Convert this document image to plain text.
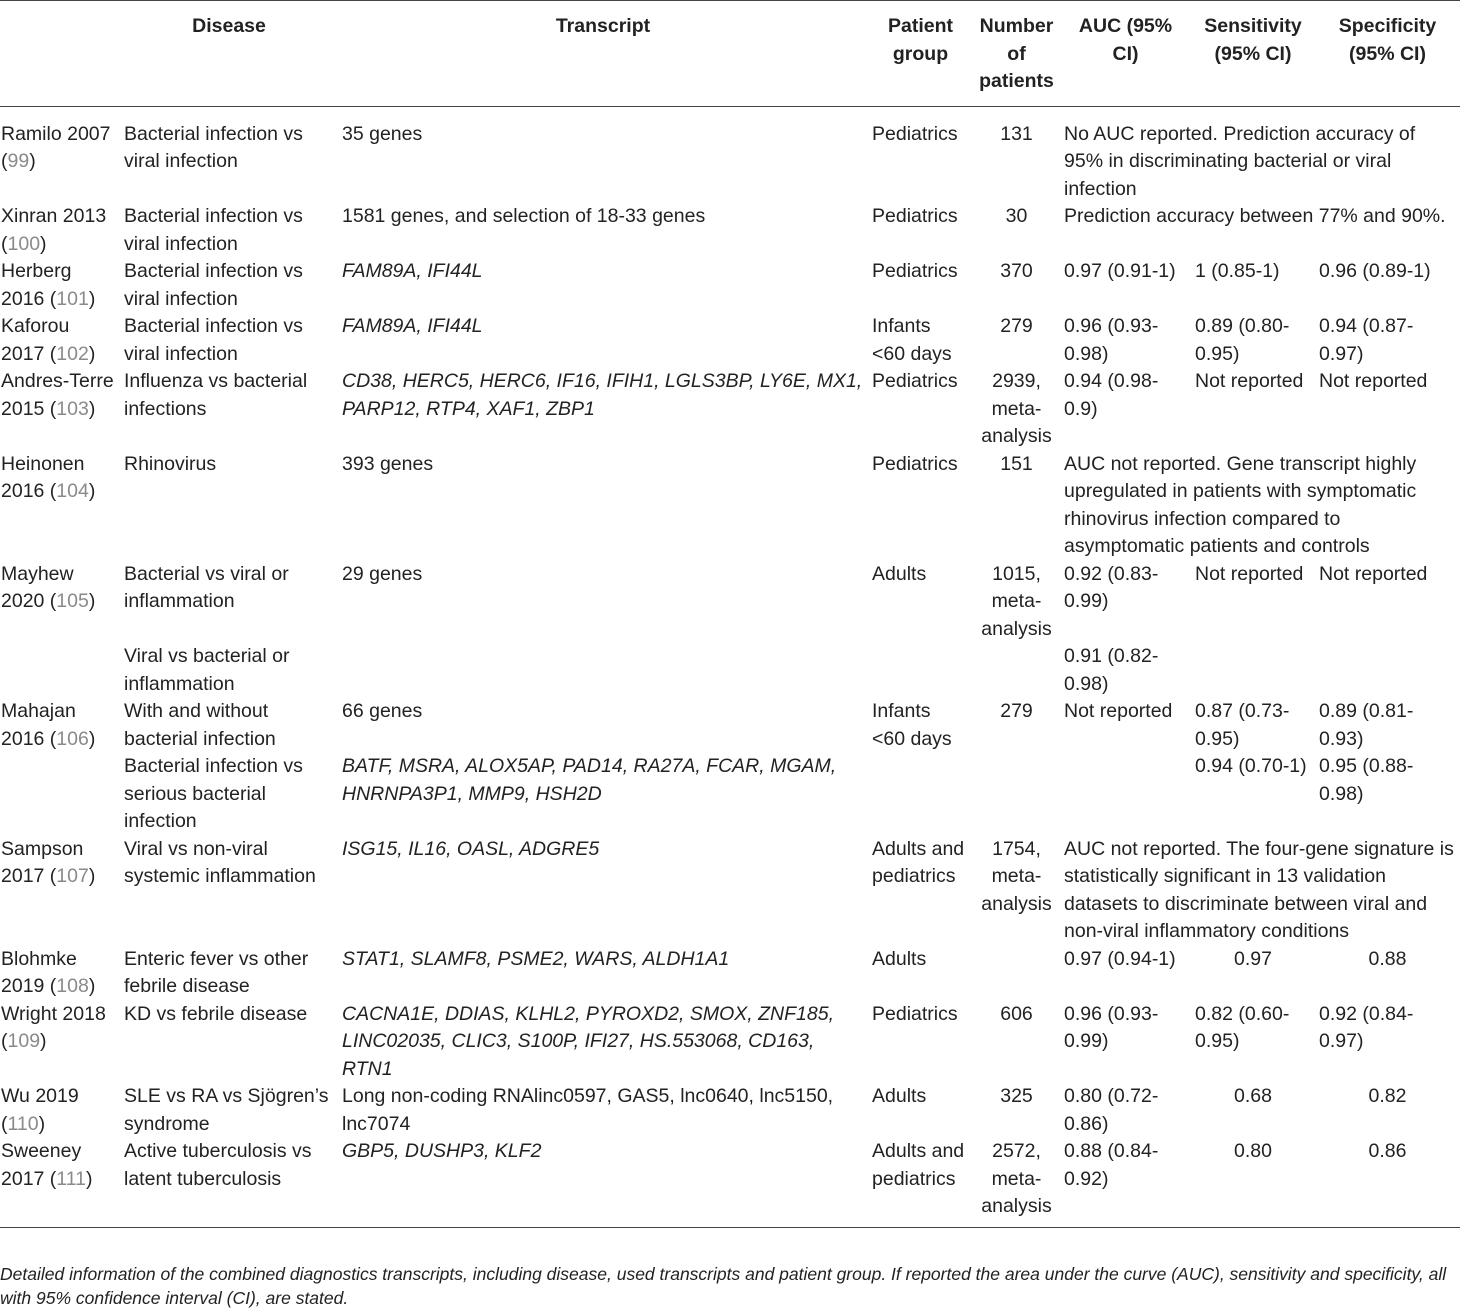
	Disease	Transcript	Patient group	Number of patients	AUC (95% CI)	Sensitivity (95% CI)	Specificity (95% CI)
Ramilo 2007 (99)	Bacterial infection vs viral infection	35 genes	Pediatrics	131	No AUC reported. Prediction accuracy of 95% in discriminating bacterial or viral infection		
Xinran 2013 (100)	Bacterial infection vs viral infection	1581 genes, and selection of 18-33 genes	Pediatrics	30	Prediction accuracy between 77% and 90%.		
Herberg 2016 (101)	Bacterial infection vs viral infection	FAM89A, IFI44L	Pediatrics	370	0.97 (0.91-1)	1 (0.85-1)	0.96 (0.89-1)
Kaforou 2017 (102)	Bacterial infection vs viral infection	FAM89A, IFI44L	Infants <60 days	279	0.96 (0.93-0.98)	0.89 (0.80-0.95)	0.94 (0.87-0.97)
Andres-Terre 2015 (103)	Influenza vs bacterial infections	CD38, HERC5, HERC6, IF16, IFIH1, LGLS3BP, LY6E, MX1, PARP12, RTP4, XAF1, ZBP1	Pediatrics	2939, meta-analysis	0.94 (0.98-0.9)	Not reported	Not reported
Heinonen 2016 (104)	Rhinovirus	393 genes	Pediatrics	151	AUC not reported. Gene transcript highly upregulated in patients with symptomatic rhinovirus infection compared to asymptomatic patients and controls		
Mayhew 2020 (105)	Bacterial vs viral or inflammation	29 genes	Adults	1015, meta-analysis	0.92 (0.83-0.99)	Not reported	Not reported
	Viral vs bacterial or inflammation				0.91 (0.82-0.98)		
Mahajan 2016 (106)	With and without bacterial infection	66 genes	Infants <60 days	279	Not reported	0.87 (0.73-0.95)	0.89 (0.81-0.93)
	Bacterial infection vs serious bacterial infection	BATF, MSRA, ALOX5AP, PAD14, RA27A, FCAR, MGAM, HNRNPA3P1, MMP9, HSH2D				0.94 (0.70-1)	0.95 (0.88-0.98)
Sampson 2017 (107)	Viral vs non-viral systemic inflammation	ISG15, IL16, OASL, ADGRE5	Adults and pediatrics	1754, meta-analysis	AUC not reported. The four-gene signature is statistically significant in 13 validation datasets to discriminate between viral and non-viral inflammatory conditions		
Blohmke 2019 (108)	Enteric fever vs other febrile disease	STAT1, SLAMF8, PSME2, WARS, ALDH1A1	Adults		0.97 (0.94-1)	0.97	0.88
Wright 2018 (109)	KD vs febrile disease	CACNA1E, DDIAS, KLHL2, PYROXD2, SMOX, ZNF185, LINC02035, CLIC3, S100P, IFI27, HS.553068, CD163, RTN1	Pediatrics	606	0.96 (0.93-0.99)	0.82 (0.60-0.95)	0.92 (0.84-0.97)
Wu 2019 (110)	SLE vs RA vs Sjögren’s syndrome	Long non-coding RNAlinc0597, GAS5, lnc0640, lnc5150, lnc7074	Adults	325	0.80 (0.72-0.86)	0.68	0.82
Sweeney 2017 (111)	Active tuberculosis vs latent tuberculosis	GBP5, DUSHP3, KLF2	Adults and pediatrics	2572, meta-analysis	0.88 (0.84-0.92)	0.80	0.86
Detailed information of the combined diagnostics transcripts, including disease, used transcripts and patient group. If reported the area under the curve (AUC), sensitivity and specificity, all with 95% confidence interval (CI), are stated.
